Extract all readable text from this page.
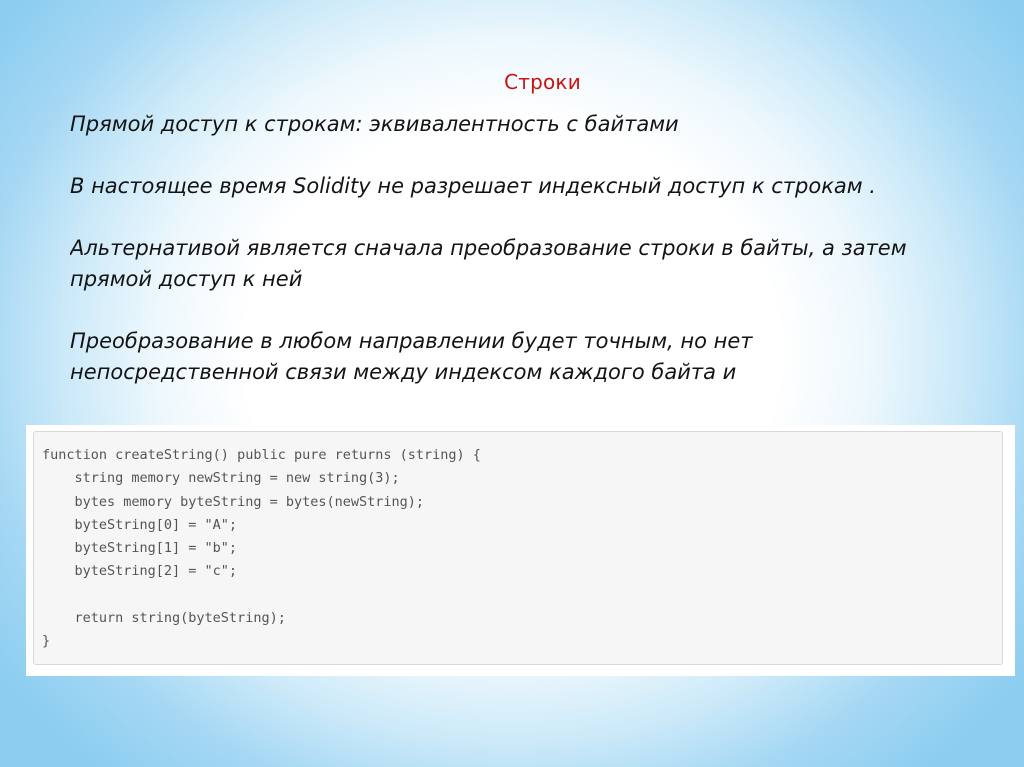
Строки

Прямой доступ к строкам: эквивалентность с байтами

В настоящее время Solidity не разрешает индексный доступ к строкам .

Альтернативой является сначала преобразование строки в байты, а затем прямой доступ к ней

Преобразование в любом направлении будет точным, но нет непосредственной связи между индексом каждого байта и

function createString() public pure returns (string) {
string memory newString = new string(3);
bytes memory byteString = bytes(newString);
byteString[0] = "A";
byteString[1] = "b";
byteString[2] = "c";
return string(byteString);
}
